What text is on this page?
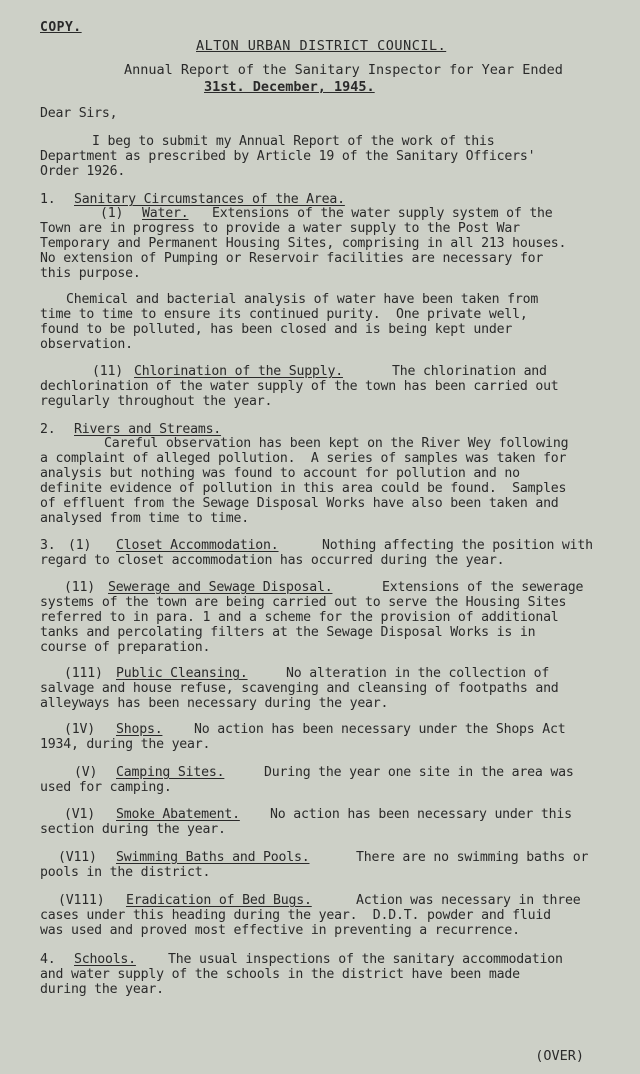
COPY.
ALTON URBAN DISTRICT COUNCIL.
Annual Report of the Sanitary Inspector for Year Ended
31st. December, 1945.
Dear Sirs,
I beg to submit my Annual Report of the work of this
Department as prescribed by Article 19 of the Sanitary Officers'
Order 1926.
1. Sanitary Circumstances of the Area.
(1) Water. Extensions of the water supply system of the
Town are in progress to provide a water supply to the Post War
Temporary and Permanent Housing Sites, comprising in all 213 houses.
No extension of Pumping or Reservoir facilities are necessary for
this purpose.
Chemical and bacterial analysis of water have been taken from
time to time to ensure its continued purity.  One private well,
found to be polluted, has been closed and is being kept under
observation.
(11) Chlorination of the Supply.	The chlorination and
dechlorination of the water supply of the town has been carried out
regularly throughout the year.
2. Rivers and Streams.
Careful observation has been kept on the River Wey following
a complaint of alleged pollution.  A series of samples was taken for
analysis but nothing was found to account for pollution and no
definite evidence of pollution in this area could be found.  Samples
of effluent from the Sewage Disposal Works have also been taken and
analysed from time to time.
3. (1) Closet Accommodation.	Nothing affecting the position with
regard to closet accommodation has occurred during the year.
(11) Sewerage and Sewage Disposal.	Extensions of the sewerage
systems of the town are being carried out to serve the Housing Sites
referred to in para. 1 and a scheme for the provision of additional
tanks and percolating filters at the Sewage Disposal Works is in
course of preparation.
(111) Public Cleansing.	No alteration in the collection of
salvage and house refuse, scavenging and cleansing of footpaths and
alleyways has been necessary during the year.
(1V) Shops. No action has been necessary under the Shops Act
1934, during the year.
(V) Camping Sites.	During the year one site in the area was
used for camping.
(V1) Smoke Abatement. No action has been necessary under this
section during the year.
(V11) Swimming Baths and Pools.	There are no swimming baths or
pools in the district.
(V111) Eradication of Bed Bugs.	Action was necessary in three
cases under this heading during the year.  D.D.T. powder and fluid
was used and proved most effective in preventing a recurrence.
4. Schools. The usual inspections of the sanitary accommodation
and water supply of the schools in the district have been made
during the year.
(OVER)
